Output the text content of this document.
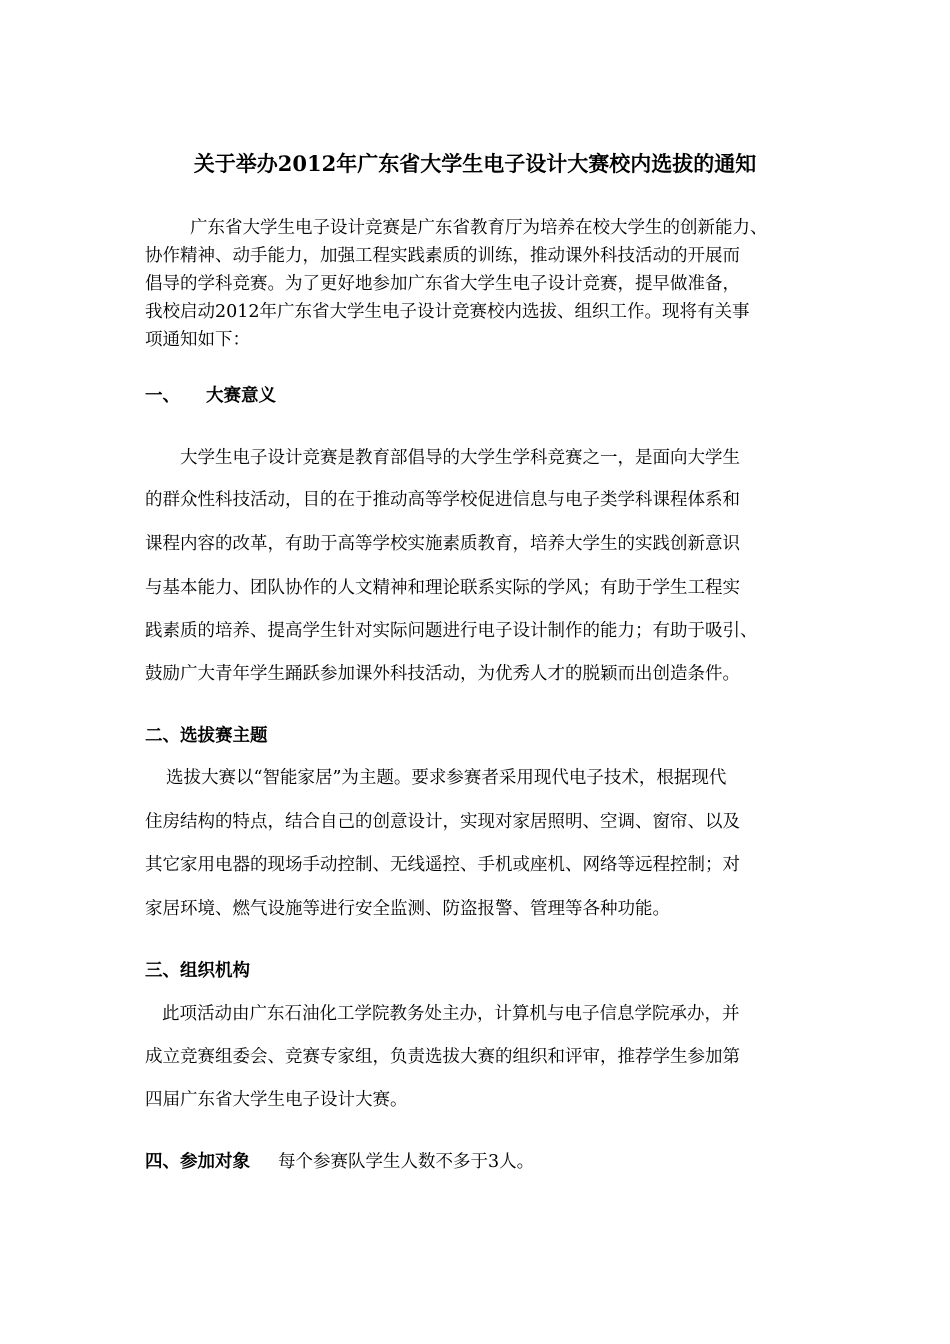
关于举办2012年广东省大学生电子设计大赛校内选拔的通知
广东省大学生电子设计竞赛是广东省教育厅为培养在校大学生的创新能力、
协作精神、动手能力，加强工程实践素质的训练，推动课外科技活动的开展而
倡导的学科竞赛。为了更好地参加广东省大学生电子设计竞赛，提早做准备，
我校启动2012年广东省大学生电子设计竞赛校内选拔、组织工作。现将有关事
项通知如下：
一、 大赛意义
大学生电子设计竞赛是教育部倡导的大学生学科竞赛之一，是面向大学生
的群众性科技活动，目的在于推动高等学校促进信息与电子类学科课程体系和
课程内容的改革，有助于高等学校实施素质教育，培养大学生的实践创新意识
与基本能力、团队协作的人文精神和理论联系实际的学风；有助于学生工程实
践素质的培养、提高学生针对实际问题进行电子设计制作的能力；有助于吸引、
鼓励广大青年学生踊跃参加课外科技活动，为优秀人才的脱颖而出创造条件。
二、选拔赛主题
选拔大赛以“智能家居”为主题。要求参赛者采用现代电子技术，根据现代
住房结构的特点，结合自己的创意设计，实现对家居照明、空调、窗帘、以及
其它家用电器的现场手动控制、无线遥控、手机或座机、网络等远程控制；对
家居环境、燃气设施等进行安全监测、防盗报警、管理等各种功能。
三、组织机构
此项活动由广东石油化工学院教务处主办，计算机与电子信息学院承办，并
成立竞赛组委会、竞赛专家组，负责选拔大赛的组织和评审，推荐学生参加第
四届广东省大学生电子设计大赛。
四、参加对象 每个参赛队学生人数不多于3人。
